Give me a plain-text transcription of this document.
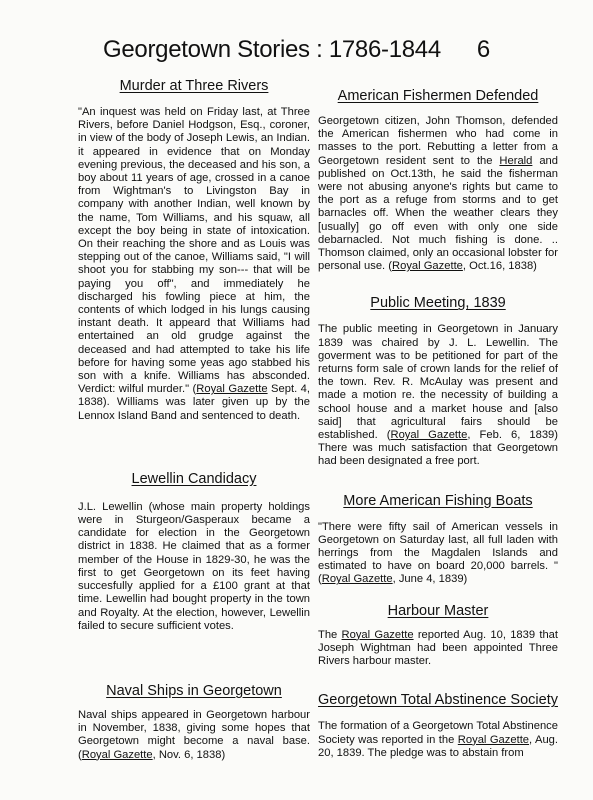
Georgetown Stories : 1786-1844 6
Murder at Three Rivers

"An inquest was held on Friday last, at Three Rivers, before Daniel Hodgson, Esq., coroner, in view of the body of Joseph Lewis, an Indian. it appeared in evidence that on Monday evening previous, the deceased and his son, a boy about 11 years of age, crossed in a canoe from Wightman's to Livingston Bay in company with another Indian, well known by the name, Tom Williams, and his squaw, all except the boy being in state of intoxication. On their reaching the shore and as Louis was stepping out of the canoe, Williams said, "I will shoot you for stabbing my son--- that will be paying you off", and immediately he discharged his fowling piece at him, the contents of which lodged in his lungs causing instant death. It appeard that Williams had entertained an old grudge against the deceased and had attempted to take his life before for having some yeas ago stabbed his son with a knife. Williams has absconded. Verdict: wilful murder." (Royal Gazette Sept. 4, 1838). Williams was later given up by the Lennox Island Band and sentenced to death.

Lewellin Candidacy

J.L. Lewellin (whose main property holdings were in Sturgeon/Gasperaux became a candidate for election in the Georgetown district in 1838. He claimed that as a former member of the House in 1829-30, he was the first to get Georgetown on its feet having succesfully applied for a £100 grant at that time. Lewellin had bought property in the town and Royalty. At the election, however, Lewellin failed to secure sufficient votes.

Naval Ships in Georgetown

Naval ships appeared in Georgetown harbour in November, 1838, giving some hopes that Georgetown might become a naval base. (Royal Gazette, Nov. 6, 1838)

American Fishermen Defended

Georgetown citizen, John Thomson, defended the American fishermen who had come in masses to the port. Rebutting a letter from a Georgetown resident sent to the Herald and published on Oct.13th, he said the fisherman were not abusing anyone's rights but came to the port as a refuge from storms and to get barnacles off. When the weather clears they [usually] go off even with only one side debarnacled. Not much fishing is done. .. Thomson claimed, only an occasional lobster for personal use. (Royal Gazette, Oct.16, 1838)

Public Meeting, 1839

The public meeting in Georgetown in January 1839 was chaired by J. L. Lewellin. The goverment was to be petitioned for part of the returns form sale of crown lands for the relief of the town. Rev. R. McAulay was present and made a motion re. the necessity of building a school house and a market house and [also said] that agricultural fairs should be established. (Royal Gazette, Feb. 6, 1839) There was much satisfaction that Georgetown had been designated a free port.

More American Fishing Boats

"There were fifty sail of American vessels in Georgetown on Saturday last, all full laden with herrings from the Magdalen Islands and estimated to have on board 20,000 barrels. " (Royal Gazette, June 4, 1839)

Harbour Master

The Royal Gazette reported Aug. 10, 1839 that Joseph Wightman had been appointed Three Rivers harbour master.

Georgetown Total Abstinence Society

The formation of a Georgetown Total Abstinence Society was reported in the Royal Gazette, Aug. 20, 1839. The pledge was to abstain from
